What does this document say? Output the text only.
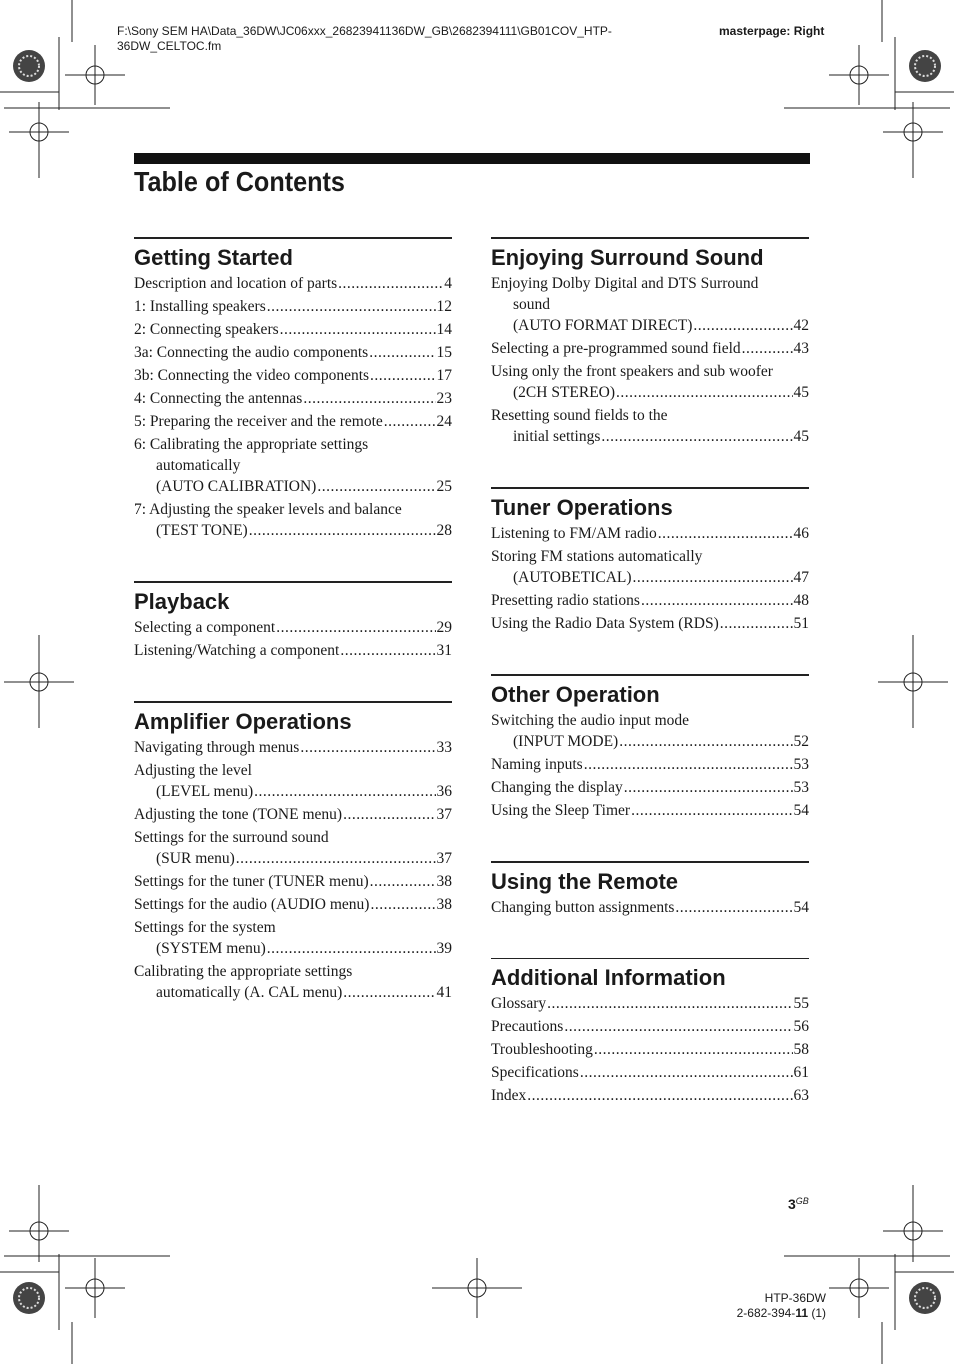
F:\Sony SEM HA\Data_36DW\JC06xxx_26823941136DW_GB\2682394111\GB01COV_HTP-36DW_CELTOC.fm
masterpage: Right
Table of Contents
Getting Started
Description and location of parts .....	4
1: Installing speakers .....	12
2: Connecting speakers .....	14
3a: Connecting the audio components .....	15
3b: Connecting the video components .....	17
4: Connecting the antennas .....	23
5: Preparing the receiver and the remote .....	24
6: Calibrating the appropriate settings
automatically
(AUTO CALIBRATION) .....	25
7: Adjusting the speaker levels and balance
(TEST TONE) .....	28
Playback
Selecting a component .....	29
Listening/Watching a component .....	31
Amplifier Operations
Navigating through menus .....	33
Adjusting the level
(LEVEL menu) .....	36
Adjusting the tone (TONE menu) .....	37
Settings for the surround sound
(SUR menu) .....	37
Settings for the tuner (TUNER menu) .....	38
Settings for the audio (AUDIO menu) .....	38
Settings for the system
(SYSTEM menu) .....	39
Calibrating the appropriate settings
automatically (A. CAL menu) .....	41
Enjoying Surround Sound
Enjoying Dolby Digital and DTS Surround
sound
(AUTO FORMAT DIRECT) .....	42
Selecting a pre-programmed sound field .....	43
Using only the front speakers and sub woofer
(2CH STEREO) .....	45
Resetting sound fields to the
initial settings .....	45
Tuner Operations
Listening to FM/AM radio .....	46
Storing FM stations automatically
(AUTOBETICAL) .....	47
Presetting radio stations .....	48
Using the Radio Data System (RDS) .....	51
Other Operation
Switching the audio input mode
(INPUT MODE) .....	52
Naming inputs .....	53
Changing the display .....	53
Using the Sleep Timer .....	54
Using the Remote
Changing button assignments .....	54
Additional Information
Glossary .....	55
Precautions .....	56
Troubleshooting .....	58
Specifications .....	61
Index .....	63
$3^{GB}$
HTP-36DW
2-682-394-11 (1)
